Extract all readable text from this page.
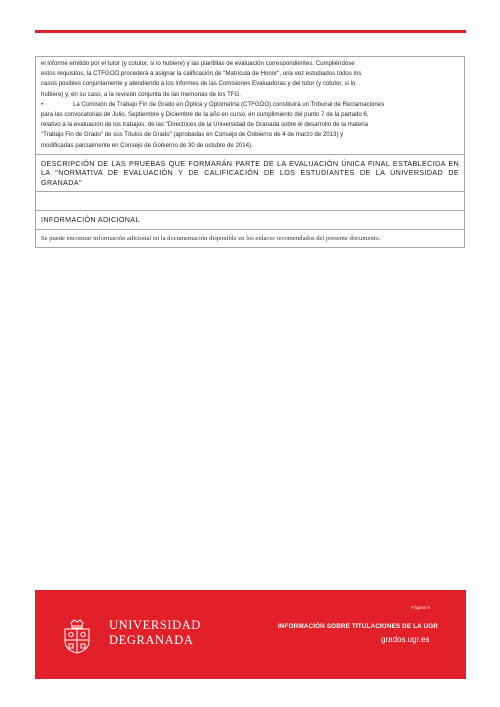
el informe emitido por el tutor (y cotutor, si lo hubiere) y las plantillas de evaluación correspondientes. Cumpliéndose

estos requisitos, la CTFGOO procederá a asignar la calificación de "Matrícula de Honor", una vez estudiados todos los

casos posibles conjuntamente y atendiendo a los informes de las Comisiones Evaluadoras y del tutor (y cotutor, si lo

hubiere) y, en su caso, a la revisión conjunta de las memorias de los TFG.

•	La Comisión de Trabajo Fin de Grado en Óptica y Optometría (CTFGOO) constituirá un Tribunal de Reclamaciones

para las convocatorias de Julio, Septiembre y Diciembre de la año en curso, en cumplimiento del punto 7 de la partado 6,

relativo a la evaluación de los trabajos, de las "Directrices de la Universidad de Granada sobre el desarrollo de la materia

"Trabajo Fin de Grado" de sus Títulos de Grado" (aprobadas en Consejo de Gobierno de 4 de marzo de 2013) y

modificadas parcialmente en Consejo de Gobierno de 30 de octubre de 2014).

DESCRIPCIÓN DE LAS PRUEBAS QUE FORMARÁN PARTE DE LA EVALUACIÓN ÚNICA FINAL ESTABLECIDA EN LA "NORMATIVA DE EVALUACIÓN Y DE CALIFICACIÓN DE LOS ESTUDIANTES DE LA UNIVERSIDAD DE GRANADA"
INFORMACIÓN ADICIONAL
Se puede encontrar información adicional en la documentación disponible en los enlaces recomendados del presente documento.
UNIVERSIDAD
DEGRANADA
Página 8
INFORMACIÓN SOBRE TITULACIONES DE LA UGR
grados.ugr.es
